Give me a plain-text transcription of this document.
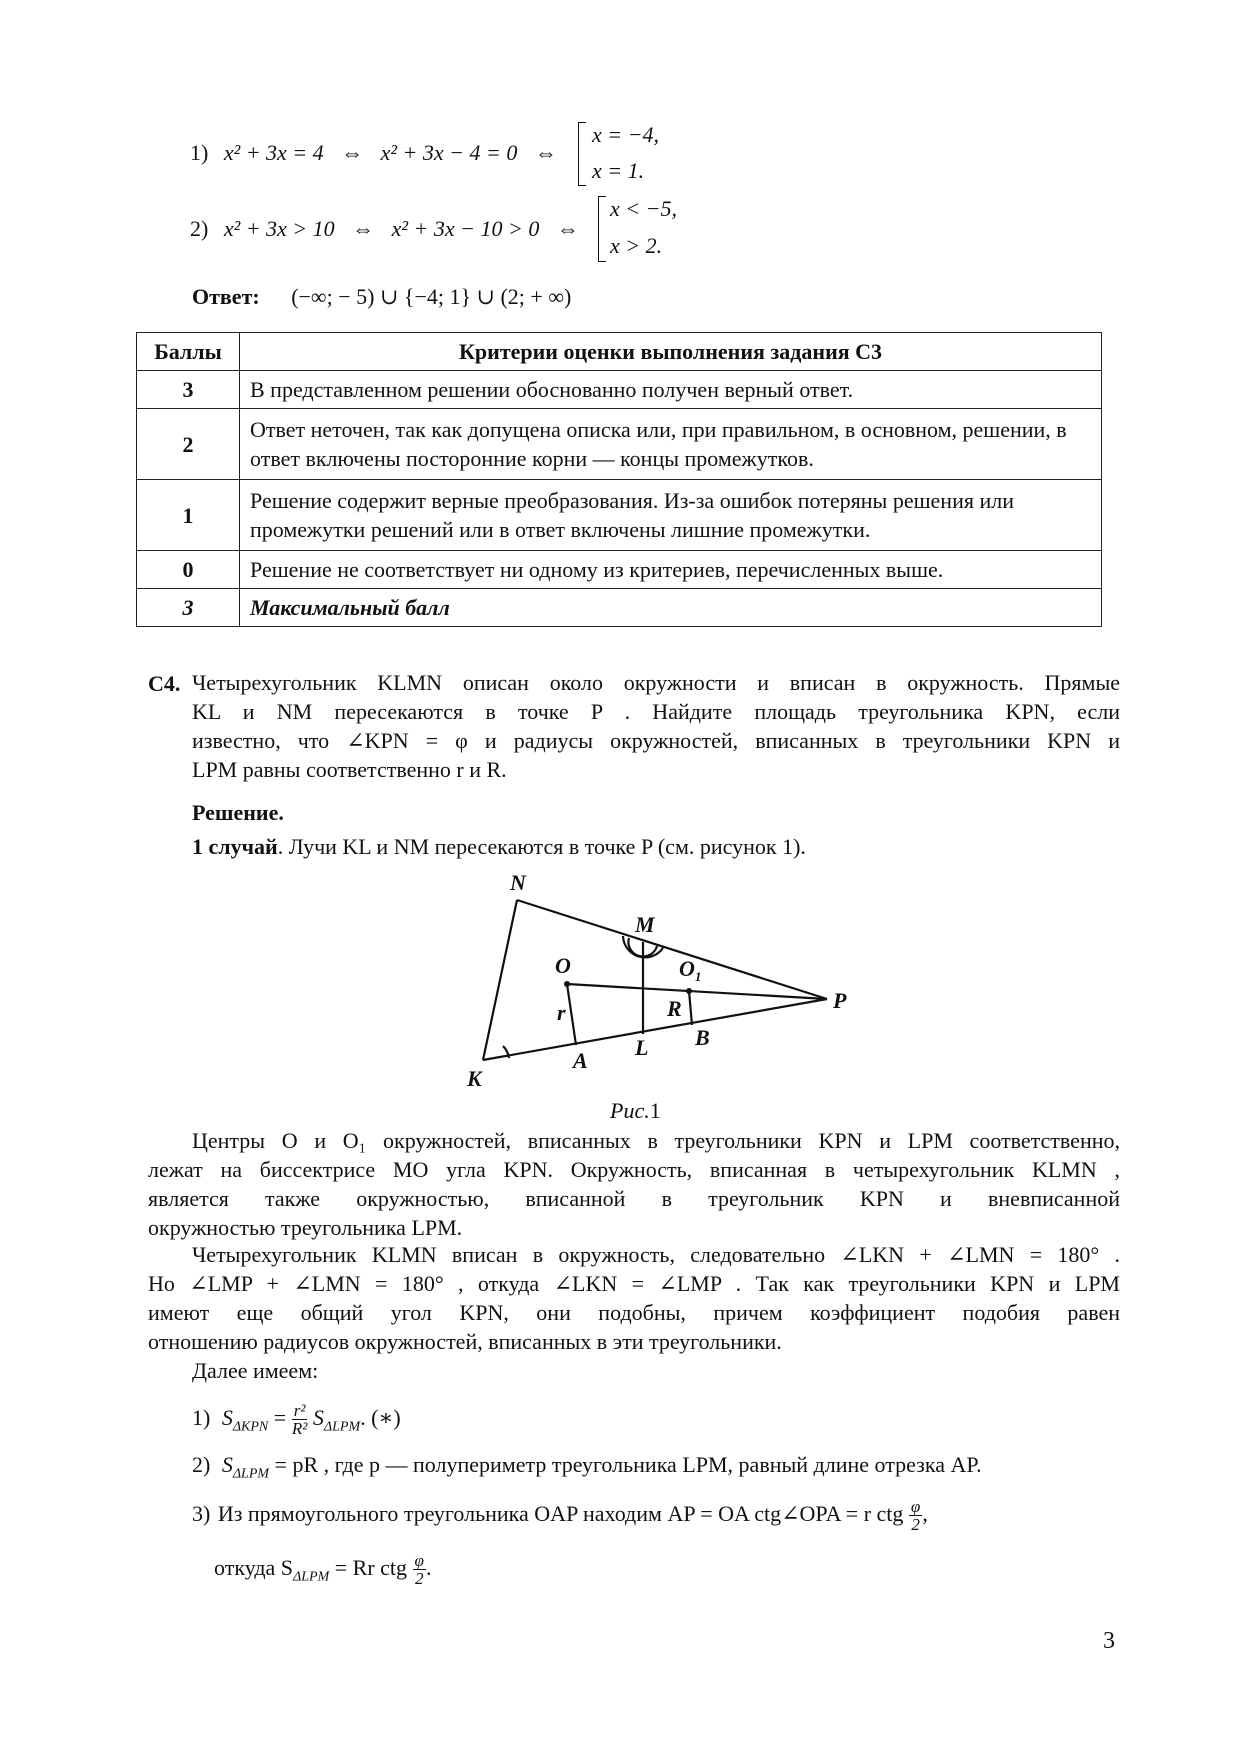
1) x² + 3x = 4 ⇔ x² + 3x − 4 = 0 ⇔
x = −4,
x = 1.
2) x² + 3x > 10 ⇔ x² + 3x − 10 > 0 ⇔
x < −5,
x > 2.
Ответ: (−∞; − 5) ∪ {−4; 1} ∪ (2; + ∞)
Баллы	Критерии оценки выполнения задания С3
3	В представленном решении обоснованно получен верный ответ.
2	Ответ неточен, так как допущена описка или, при правильном, в основном, решении, в ответ включены посторонние корни — концы промежутков.
1	Решение содержит верные преобразования. Из-за ошибок потеряны решения или промежутки решений или в ответ включены лишние промежутки.
0	Решение не соответствует ни одному из критериев, перечисленных выше.
3	Максимальный балл
С4. Четырехугольник KLMN описан около окружности и вписан в окружность. Прямые
KL и NM пересекаются в точке P . Найдите площадь треугольника KPN, если
известно, что ∠KPN = φ и радиусы окружностей, вписанных в треугольники KPN и
LPM равны соответственно r и R.
Решение.
1 случай. Лучи KL и NM пересекаются в точке P (см. рисунок 1).
N
M
O	$O_1$
P
r	R
B
L
A
K
Рис.1
Центры O и O₁ окружностей, вписанных в треугольники KPN и LPM соответственно,
лежат на биссектрисе MO угла KPN. Окружность, вписанная в четырехугольник KLMN ,
является также окружностью, вписанной в треугольник KPN и вневписанной
окружностью треугольника LPM.
Четырехугольник KLMN вписан в окружность, следовательно ∠LKN + ∠LMN = 180° .
Но ∠LMP + ∠LMN = 180° , откуда ∠LKN = ∠LMP . Так как треугольники KPN и LPM
имеют еще общий угол KPN, они подобны, причем коэффициент подобия равен
отношению радиусов окружностей, вписанных в эти треугольники.
Далее имеем:
1) $S_{\Delta KPN} = \frac{\text{r²}}{\text{R²}} S_{\Delta LPM}$. (∗)
2) $S_{\Delta LPM}$ = pR , где p — полупериметр треугольника LPM, равный длине отрезка AP.
3) Из прямоугольного треугольника OAP находим AP = OA ctg∠OPA = r ctg $\frac{\varphi}{2}$ ,
откуда $S_{\Delta LPM} = Rr$ ctg $\frac{\varphi}{2}$ .
3
